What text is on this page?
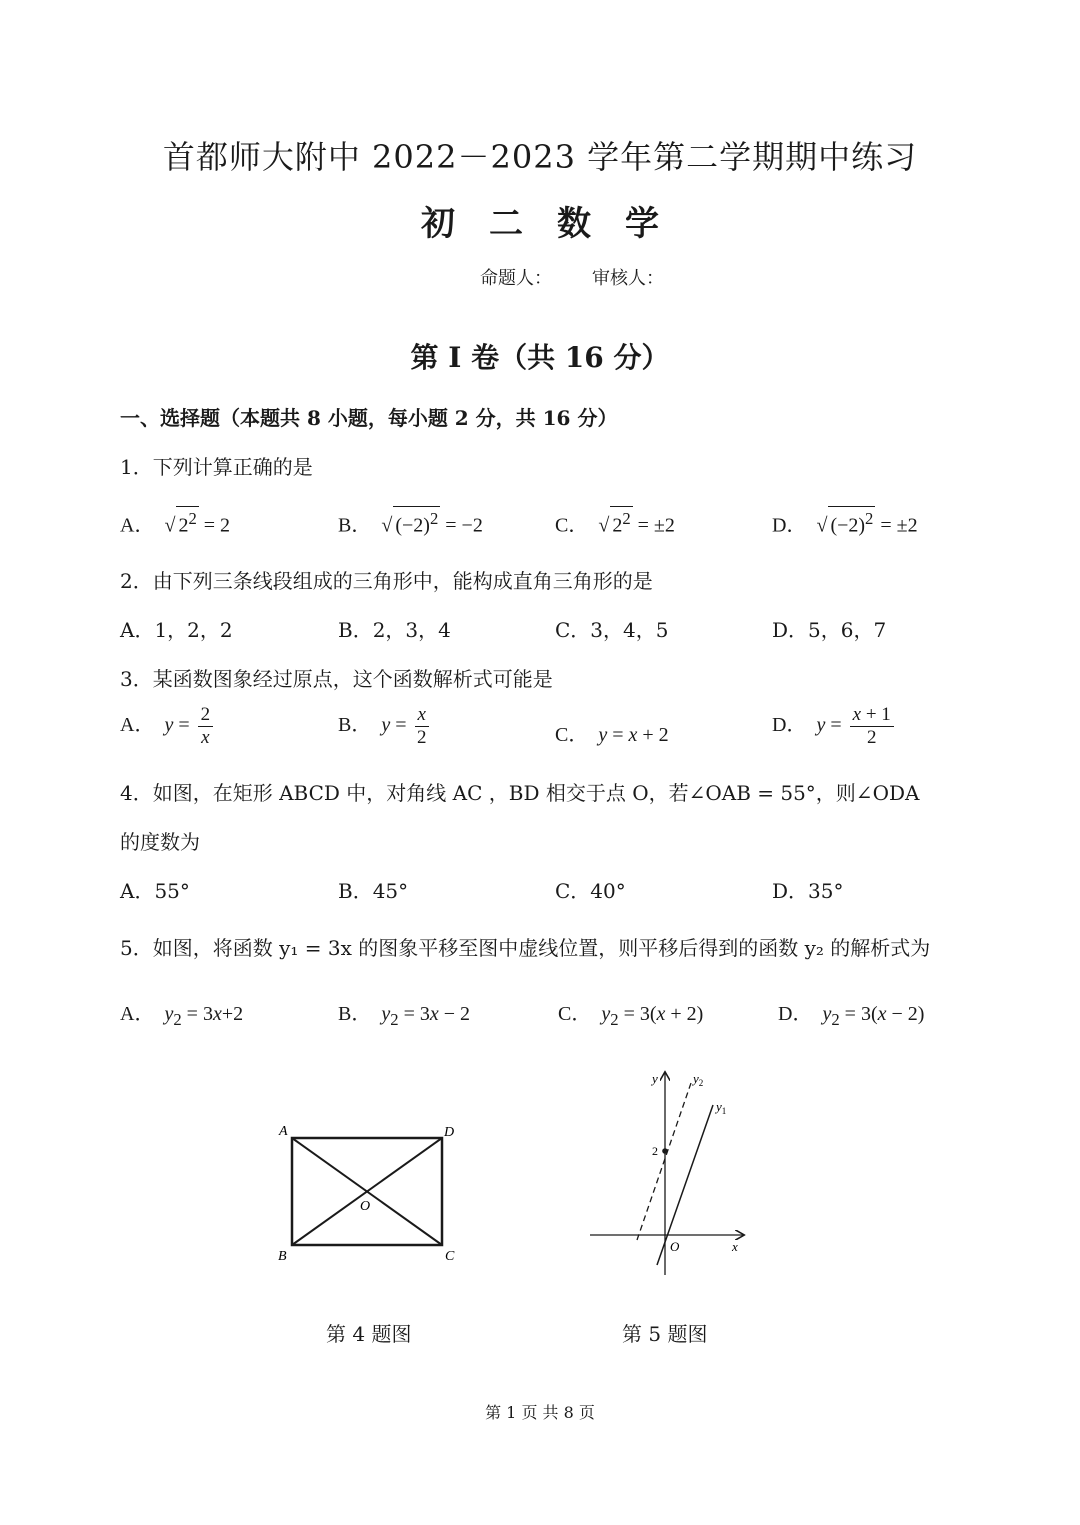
首都师大附中 2022－2023 学年第二学期期中练习
初二数学
命题人： 审核人：
第 I 卷（共 16 分）
一、选择题（本题共 8 小题，每小题 2 分，共 16 分）
1．下列计算正确的是
A．  √ $2^2 = 2$	B．  √ $(-2)^2 = -2$	C．  √ $2^2 = \pm 2$	D．  √ $(-2)^2 = \pm 2$
2．由下列三条线段组成的三角形中，能构成直角三角形的是
A．1，2，2	B．2，3，4	C．3，4，5	D．5，6，7
3．某函数图象经过原点，这个函数解析式可能是
A．  $y = \frac{2}{x}$	B．  $y = \frac{x}{2}$	C．  y = x + 2	D．  $y = \frac{x + 1}{2}$
4．如图，在矩形 ABCD 中，对角线 AC ，BD 相交于点 O，若∠OAB = 55°，则∠ODA
的度数为
A．55°	B．45°	C．40°	D．35°
5．如图，将函数 y₁ = 3x 的图象平移至图中虚线位置，则平移后得到的函数 y₂ 的解析式为
A．  $y_2 = 3x+2$	B．  $y_2 = 3x - 2$	C．  $y_2 = 3(x + 2)$	D．  $y_2 = 3(x - 2)$
A	D
B	C
O
第 4 题图
2
y
x
O
$y_1$
$y_2$
第 5 题图
第 1 页 共 8 页
